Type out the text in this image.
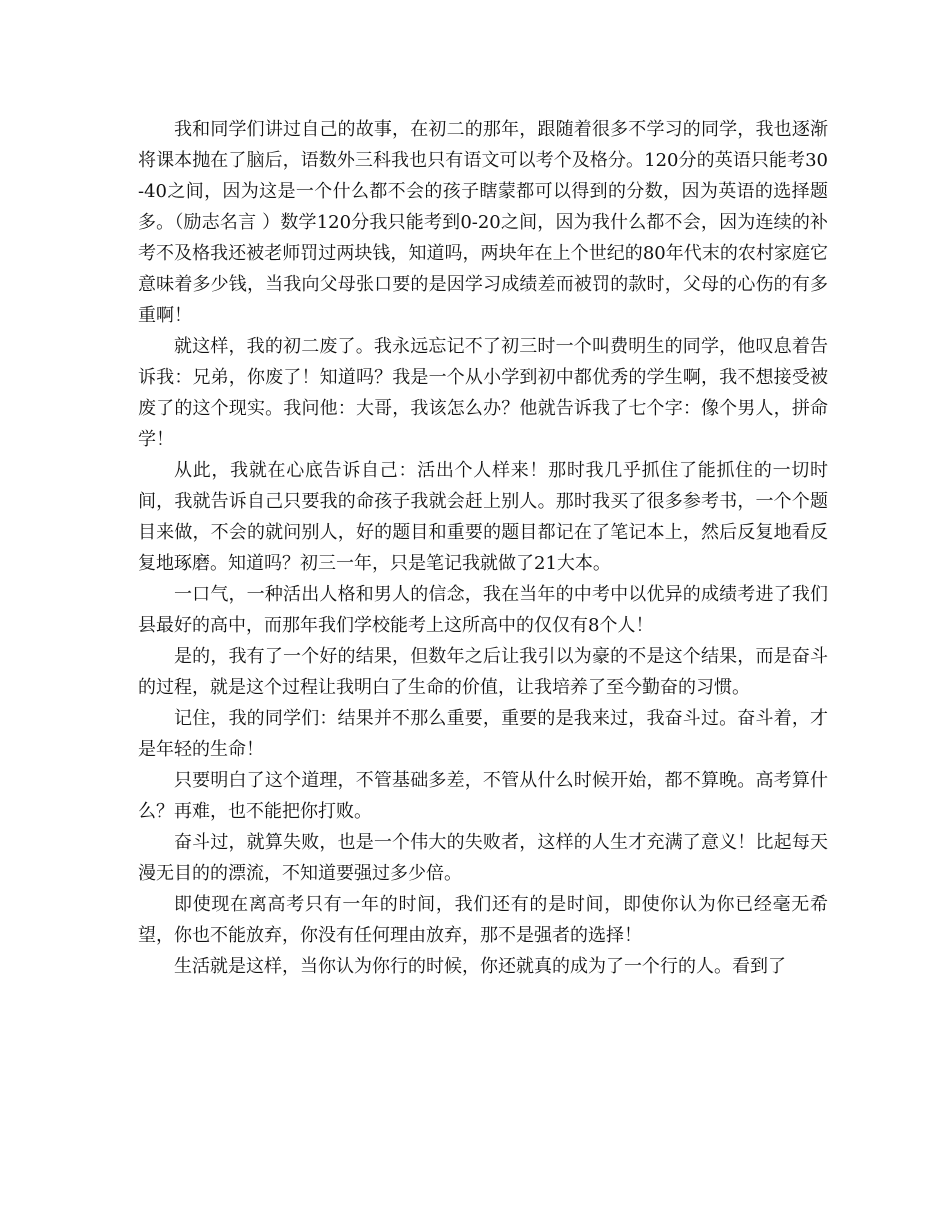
我和同学们讲过自己的故事，在初二的那年，跟随着很多不学习的同学，我也逐渐将课本抛在了脑后，语数外三科我也只有语文可以考个及格分。120分的英语只能考30-40之间，因为这是一个什么都不会的孩子瞎蒙都可以得到的分数，因为英语的选择题多。（励志名言 ）数学120分我只能考到0-20之间，因为我什么都不会，因为连续的补考不及格我还被老师罚过两块钱，知道吗，两块年在上个世纪的80年代末的农村家庭它意味着多少钱，当我向父母张口要的是因学习成绩差而被罚的款时，父母的心伤的有多重啊！

就这样，我的初二废了。我永远忘记不了初三时一个叫费明生的同学，他叹息着告诉我：兄弟，你废了！知道吗？我是一个从小学到初中都优秀的学生啊，我不想接受被废了的这个现实。我问他：大哥，我该怎么办？他就告诉我了七个字：像个男人，拼命学！

从此，我就在心底告诉自己：活出个人样来！那时我几乎抓住了能抓住的一切时间，我就告诉自己只要我的命孩子我就会赶上别人。那时我买了很多参考书，一个个题目来做，不会的就问别人，好的题目和重要的题目都记在了笔记本上，然后反复地看反复地琢磨。知道吗？初三一年，只是笔记我就做了21大本。

一口气，一种活出人格和男人的信念，我在当年的中考中以优异的成绩考进了我们县最好的高中，而那年我们学校能考上这所高中的仅仅有8个人！

是的，我有了一个好的结果，但数年之后让我引以为豪的不是这个结果，而是奋斗的过程，就是这个过程让我明白了生命的价值，让我培养了至今勤奋的习惯。

记住，我的同学们：结果并不那么重要，重要的是我来过，我奋斗过。奋斗着，才是年轻的生命！

只要明白了这个道理，不管基础多差，不管从什么时候开始，都不算晚。高考算什么？再难，也不能把你打败。

奋斗过，就算失败，也是一个伟大的失败者，这样的人生才充满了意义！比起每天漫无目的的漂流，不知道要强过多少倍。

即使现在离高考只有一年的时间，我们还有的是时间，即使你认为你已经毫无希望，你也不能放弃，你没有任何理由放弃，那不是强者的选择！

生活就是这样，当你认为你行的时候，你还就真的成为了一个行的人。看到了
